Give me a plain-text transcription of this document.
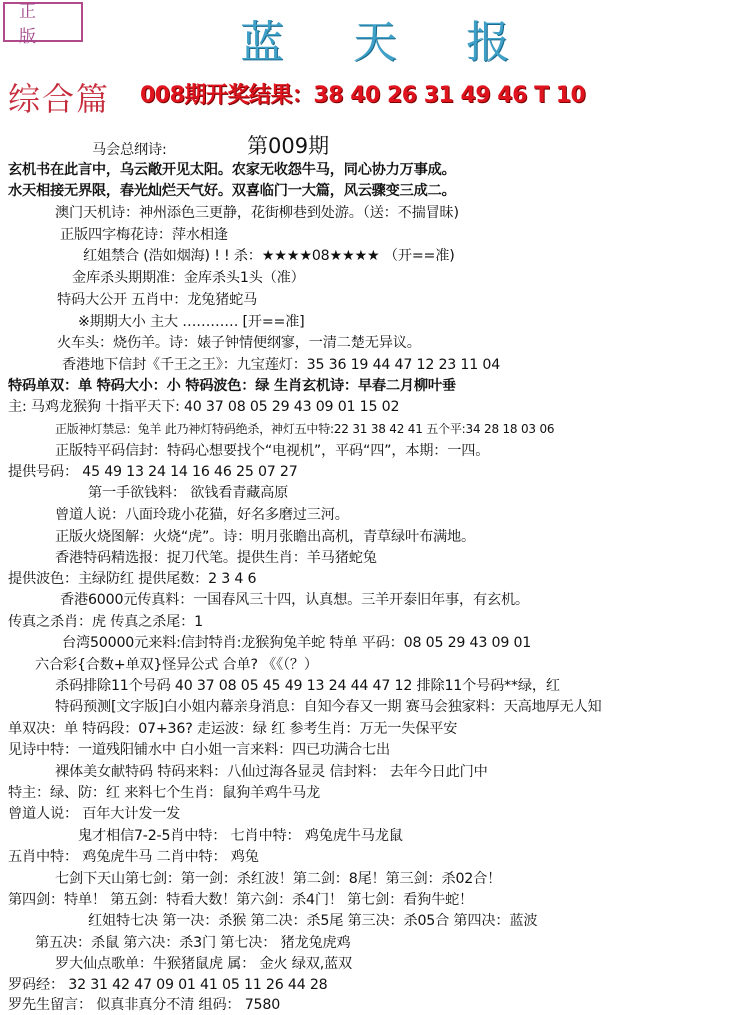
正版	蓝 天 报
综合篇 008期开奖结果：38 40 26 31 49 46 T 10
第009期
马会总纲诗:
玄机书在此言中，乌云敞开见太阳。农家无收怨牛马，同心协力万事成。
水天相接无界限，春光灿烂天气好。双喜临门一大篇，风云骤变三成二。
澳门天机诗：神州添色三更静，花街柳巷到处游。（送：不揣冒昧)
正版四字梅花诗：萍水相逢
红姐禁合 (浩如烟海) ! ! 杀：★★★★08★★★★ （开==准)
金库杀头期期准：金库杀头1头（准）
特码大公开 五肖中：龙兔猪蛇马
※期期大小 主大 ………… [开==准]
火车头：烧伤羊。诗：婊子钟情便纲寥，一清二楚无异议。
香港地下信封《千王之王》：九宝莲灯：35 36 19 44 47 12 23 11 04
特码单双：单 特码大小：小 特码波色：绿 生肖玄机诗：早春二月柳叶垂
主: 马鸡龙猴狗 十指平天下: 40 37 08 05 29 43 09 01 15 02
正版神灯禁忌：兔羊 此乃神灯特码绝杀，神灯五中特:22 31 38 42 41 五个平:34 28 18 03 06
正版特平码信封：特码心想要找个“电视机”，平码“四”，本期：一四。
提供号码： 45 49 13 24 14 16 46 25 07 27
第一手欲钱料： 欲钱看青藏高原
曾道人说：八面玲珑小花猫，好名多磨过三河。
正版火烧图解：火烧“虎”。诗：明月张瞻出高机，青草绿叶布满地。
香港特码精选报：捉刀代笔。提供生肖：羊马猪蛇兔
提供波色：主绿防红 提供尾数：2 3 4 6
香港6000元传真料：一国春风三十四，认真想。三羊开泰旧年事，有玄机。
传真之杀肖：虎 传真之杀尾：1
台湾50000元来料:信封特肖:龙猴狗兔羊蛇 特单 平码：08 05 29 43 09 01
六合彩{合数+单双}怪异公式 合单? 《《（？）
杀码排除11个号码 40 37 08 05 45 49 13 24 44 47 12 排除11个号码**绿，红
特码预测[文字版]白小姐内幕亲身消息：自知今春又一期 赛马会独家料：天高地厚无人知
单双决：单 特码段：07+36? 走运波：绿 红 参考生肖：万无一失保平安
见诗中特：一道残阳铺水中 白小姐一言来料：四已功满合七出
裸体美女献特码 特码来料：八仙过海各显灵 信封料： 去年今日此门中
特主：绿、防：红 来料七个生肖：鼠狗羊鸡牛马龙
曾道人说： 百年大计发一发
鬼才相信7-2-5肖中特： 七肖中特： 鸡兔虎牛马龙鼠
五肖中特： 鸡兔虎牛马 二肖中特： 鸡兔
七剑下天山第七剑：第一剑：杀红波！第二剑：8尾！第三剑：杀02合！
第四剑：特单！ 第五剑：特看大数！第六剑：杀4门！ 第七剑：看狗牛蛇！
红姐特七决 第一决：杀猴 第二决：杀5尾 第三决：杀05合 第四决：蓝波
第五决：杀鼠 第六决：杀3门 第七决： 猪龙兔虎鸡
罗大仙点歌单：牛猴猪鼠虎 属： 金火 绿双,蓝双
罗码经： 32 31 42 47 09 01 41 05 11 26 44 28
罗先生留言： 似真非真分不清 组码： 7580
